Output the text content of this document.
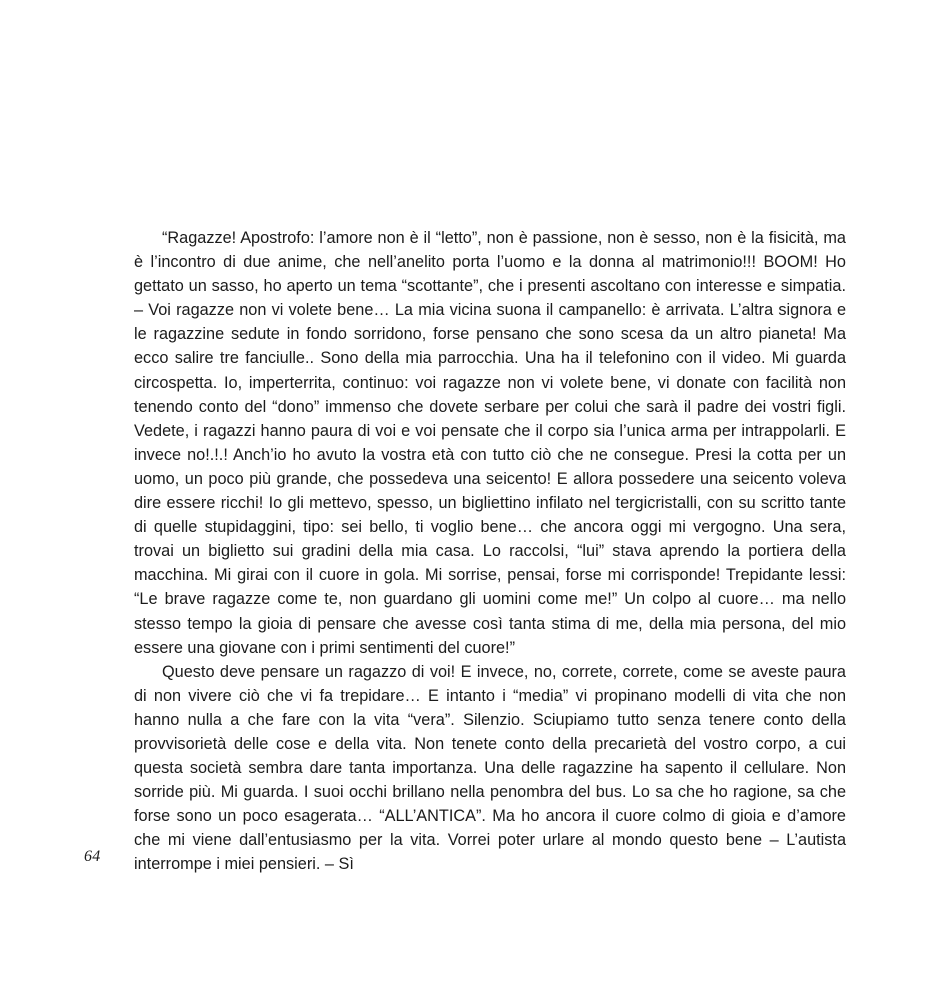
“Ragazze! Apostrofo: l’amore non è il “letto”, non è passione, non è sesso, non è la fisicità, ma è l’incontro di due anime, che nell’anelito porta l’uomo e la donna al matrimonio!!! BOOM! Ho gettato un sasso, ho aperto un tema “scottante”, che i presenti ascoltano con interesse e simpatia. – Voi ragazze non vi volete bene… La mia vicina suona il campanello: è arrivata. L’altra signora e le ragazzine sedute in fondo sorridono, forse pensano che sono scesa da un altro pianeta! Ma ecco salire tre fanciulle.. Sono della mia parrocchia. Una ha il telefonino con il video. Mi guarda circospetta. Io, imperterrita, continuo: voi ragazze non vi volete bene, vi donate con facilità non tenendo conto del “dono” immenso che dovete serbare per colui che sarà il padre dei vostri figli. Vedete, i ragazzi hanno paura di voi e voi pensate che il corpo sia l’unica arma per intrappolarli. E invece no!.!.! Anch’io ho avuto la vostra età con tutto ciò che ne consegue. Presi la cotta per un uomo, un poco più grande, che possedeva una seicento! E allora possedere una seicento voleva dire essere ricchi! Io gli mettevo, spesso, un bigliettino infilato nel tergicristalli, con su scritto tante di quelle stupidaggini, tipo: sei bello, ti voglio bene… che ancora oggi mi vergogno. Una sera, trovai un biglietto sui gradini della mia casa. Lo raccolsi, “lui” stava aprendo la portiera della macchina. Mi girai con il cuore in gola. Mi sorrise, pensai, forse mi corrisponde! Trepidante lessi: “Le brave ragazze come te, non guardano gli uomini come me!” Un colpo al cuore… ma nello stesso tempo la gioia di pensare che avesse così tanta stima di me, della mia persona, del mio essere una giovane con i primi sentimenti del cuore!”

Questo deve pensare un ragazzo di voi! E invece, no, correte, correte, come se aveste paura di non vivere ciò che vi fa trepidare… E intanto i “media” vi propinano modelli di vita che non hanno nulla a che fare con la vita “vera”. Silenzio. Sciupiamo tutto senza tenere conto della provvisorietà delle cose e della vita. Non tenete conto della precarietà del vostro corpo, a cui questa società sembra dare tanta importanza. Una delle ragazzine ha sapento il cellulare. Non sorride più. Mi guarda. I suoi occhi brillano nella penombra del bus. Lo sa che ho ragione, sa che forse sono un poco esagerata… “ALL’ANTICA”. Ma ho ancora il cuore colmo di gioia e d’amore che mi viene dall’entusiasmo per la vita. Vorrei poter urlare al mondo questo bene – L’autista interrompe i miei pensieri. – Sì

64
